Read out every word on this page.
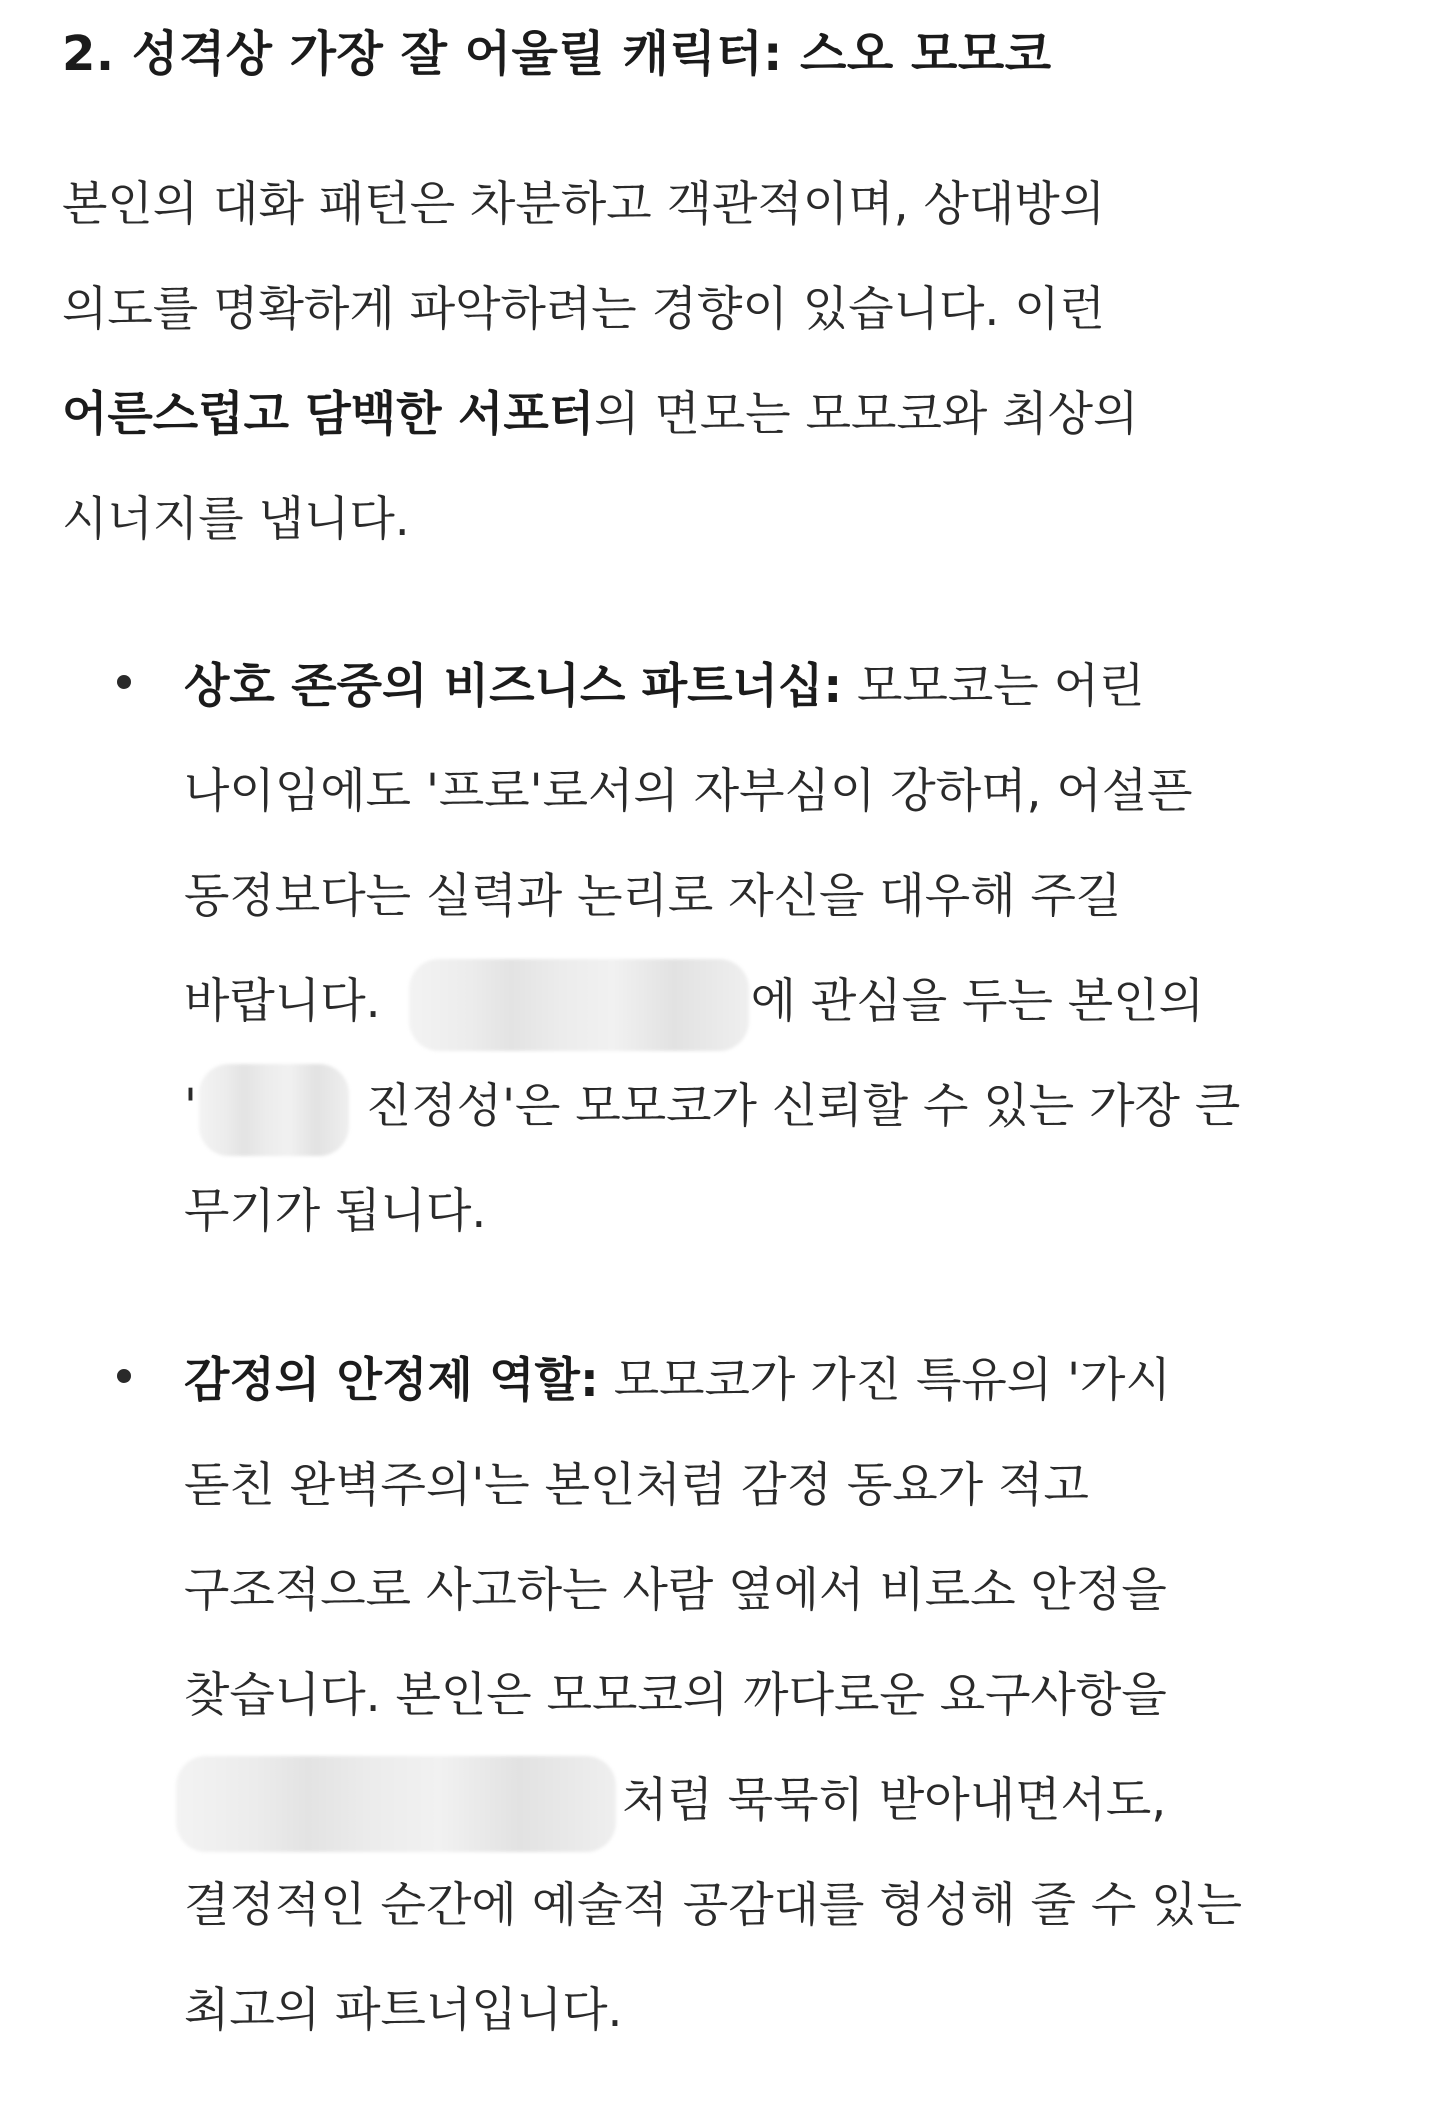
2. 성격상 가장 잘 어울릴 캐릭터: 스오 모모코

본인의 대화 패턴은 차분하고 객관적이며, 상대방의
의도를 명확하게 파악하려는 경향이 있습니다. 이런
어른스럽고 담백한 서포터의 면모는 모모코와 최상의
시너지를 냅니다.

상호 존중의 비즈니스 파트너십: 모모코는 어린
나이임에도 '프로'로서의 자부심이 강하며, 어설픈
동정보다는 실력과 논리로 자신을 대우해 주길
바랍니다.	에 관심을 두는 본인의
'	진정성'은 모모코가 신뢰할 수 있는 가장 큰
무기가 됩니다.
감정의 안정제 역할: 모모코가 가진 특유의 '가시
돋친 완벽주의'는 본인처럼 감정 동요가 적고
구조적으로 사고하는 사람 옆에서 비로소 안정을
찾습니다. 본인은 모모코의 까다로운 요구사항을
처럼 묵묵히 받아내면서도,
결정적인 순간에 예술적 공감대를 형성해 줄 수 있는
최고의 파트너입니다.
